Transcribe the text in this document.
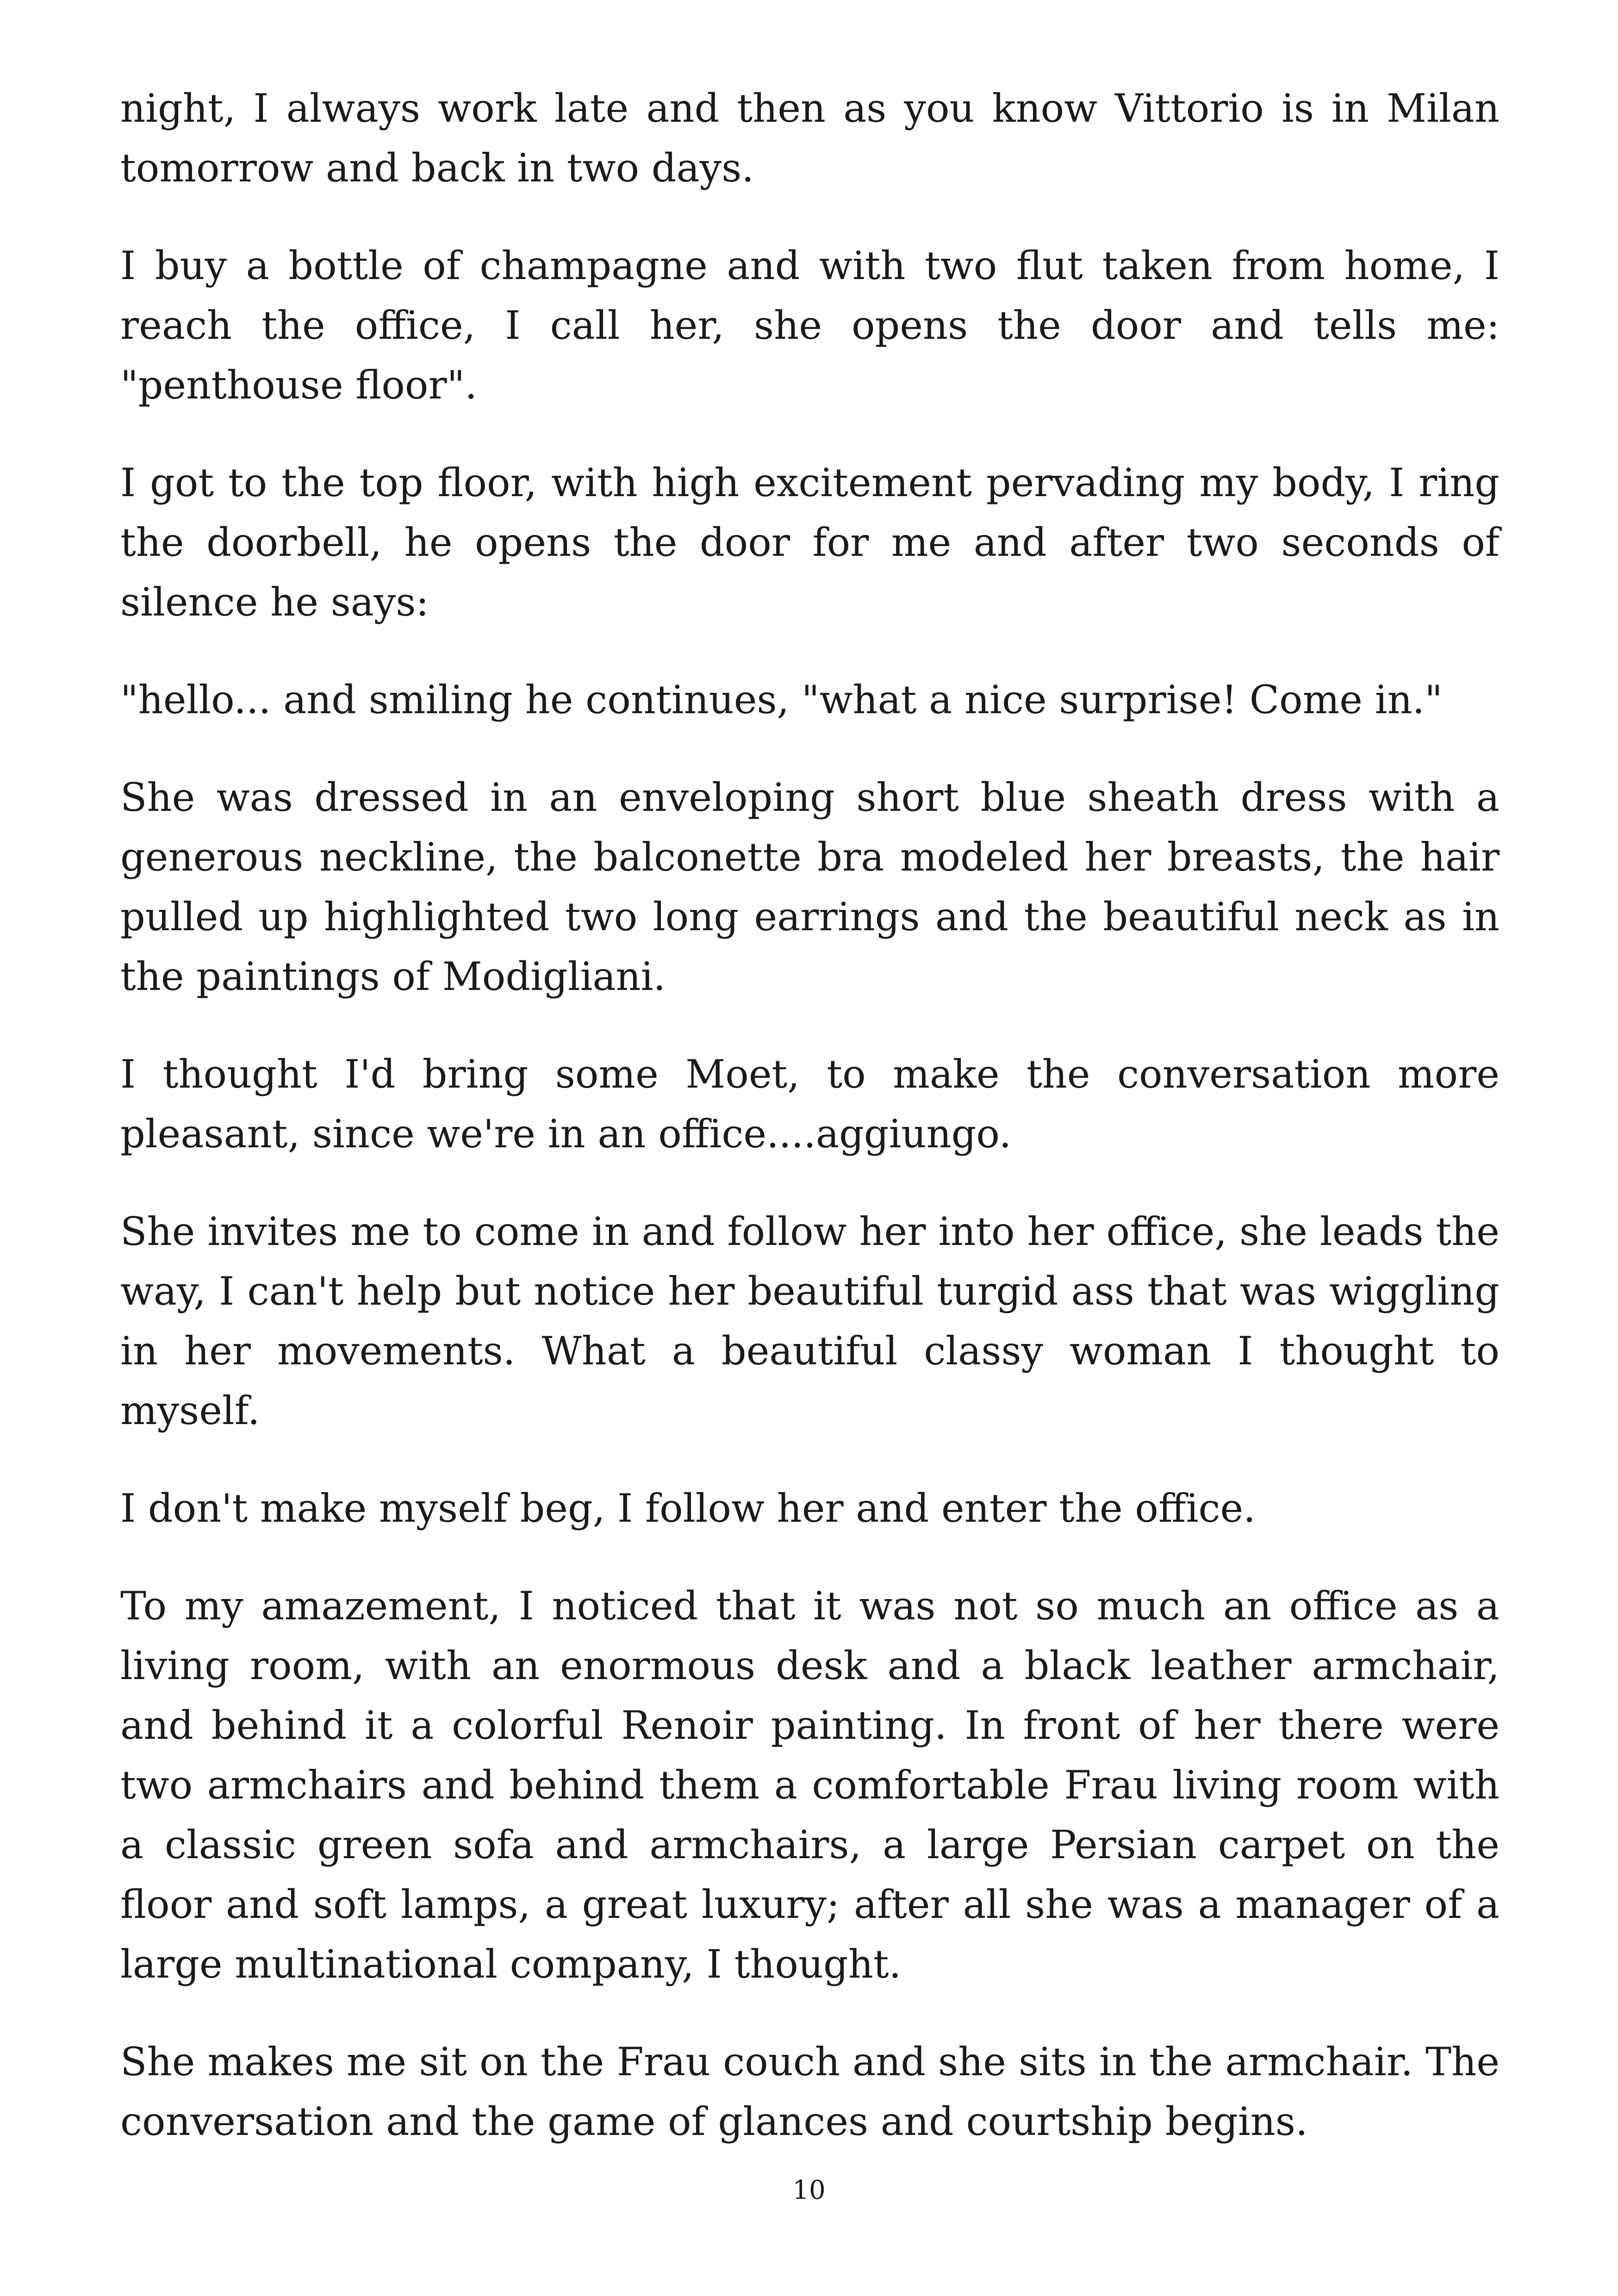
night, I always work late and then as you know Vittorio is in Milan tomorrow and back in two days.

I buy a bottle of champagne and with two flut taken from home, I reach the office, I call her, she opens the door and tells me: "penthouse floor".

I got to the top floor, with high excitement pervading my body, I ring the doorbell, he opens the door for me and after two seconds of silence he says:

"hello... and smiling he continues, "what a nice surprise! Come in."

She was dressed in an enveloping short blue sheath dress with a generous neckline, the balconette bra modeled her breasts, the hair pulled up highlighted two long earrings and the beautiful neck as in the paintings of Modigliani.

I thought I'd bring some Moet, to make the conversation more pleasant, since we're in an office....aggiungo.

She invites me to come in and follow her into her office, she leads the way, I can't help but notice her beautiful turgid ass that was wiggling in her movements. What a beautiful classy woman I thought to myself.

I don't make myself beg, I follow her and enter the office.

To my amazement, I noticed that it was not so much an office as a living room, with an enormous desk and a black leather armchair, and behind it a colorful Renoir painting. In front of her there were two armchairs and behind them a comfortable Frau living room with a classic green sofa and armchairs, a large Persian carpet on the floor and soft lamps, a great luxury; after all she was a manager of a large multinational company, I thought.

She makes me sit on the Frau couch and she sits in the armchair. The conversation and the game of glances and courtship begins.

10
